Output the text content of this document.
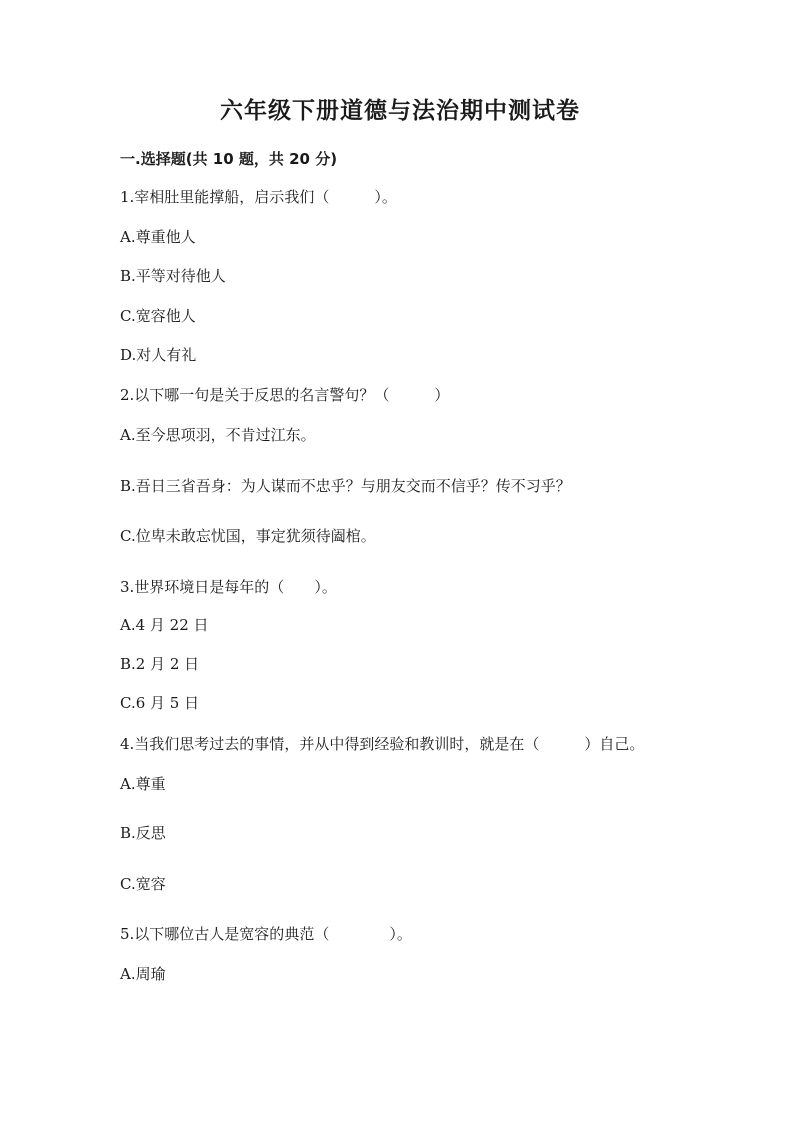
六年级下册道德与法治期中测试卷

一.选择题(共 10 题，共 20 分)

1.宰相肚里能撑船，启示我们（　　　）。

A.尊重他人

B.平等对待他人

C.宽容他人

D.对人有礼

2.以下哪一句是关于反思的名言警句？（　　　）

A.至今思项羽，不肯过江东。

B.吾日三省吾身：为人谋而不忠乎？与朋友交而不信乎？传不习乎？

C.位卑未敢忘忧国，事定犹须待阖棺。

3.世界环境日是每年的（　　）。

A.4 月 22 日

B.2 月 2 日

C.6 月 5 日

4.当我们思考过去的事情，并从中得到经验和教训时，就是在（　　　）自己。

A.尊重

B.反思

C.宽容

5.以下哪位古人是宽容的典范（　　　　）。

A.周瑜
